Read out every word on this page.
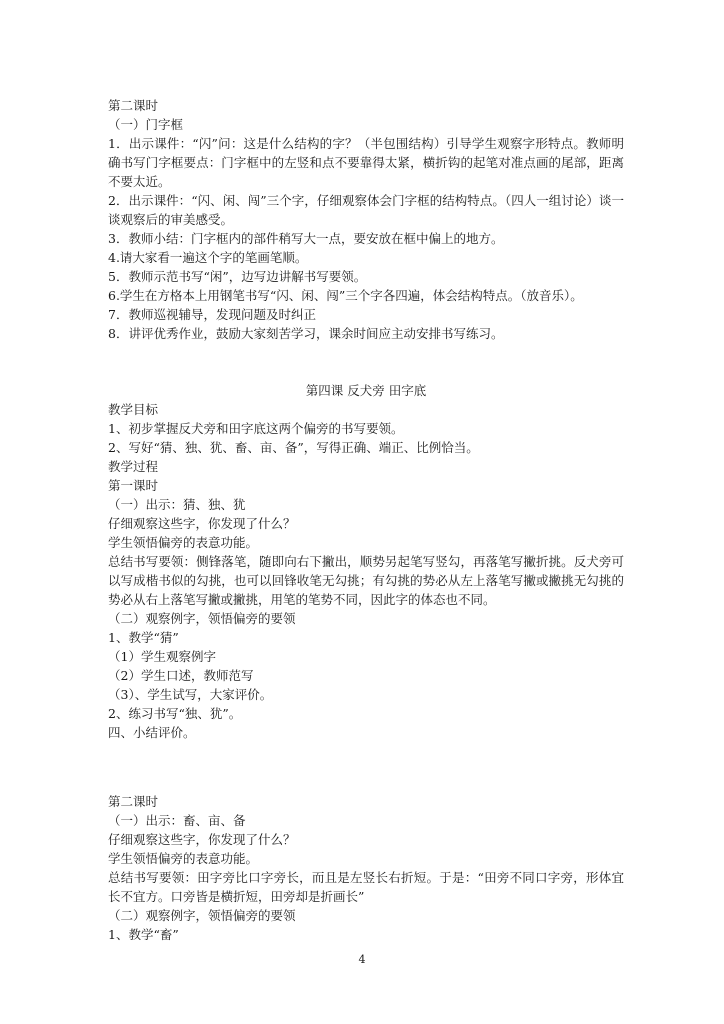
第二课时
（一）门字框
1．出示课件：“闪”问：这是什么结构的字？（半包围结构）引导学生观察字形特点。教师明确书写门字框要点：门字框中的左竖和点不要靠得太紧，横折钩的起笔对准点画的尾部，距离不要太近。
2．出示课件：“闪、闲、闯”三个字，仔细观察体会门字框的结构特点。（四人一组讨论）谈一谈观察后的审美感受。
3．教师小结：门字框内的部件稍写大一点，要安放在框中偏上的地方。
4.请大家看一遍这个字的笔画笔顺。
5．教师示范书写“闲”，边写边讲解书写要领。
6.学生在方格本上用钢笔书写“闪、闲、闯”三个字各四遍，体会结构特点。（放音乐）。
7．教师巡视辅导，发现问题及时纠正
8．讲评优秀作业，鼓励大家刻苦学习，课余时间应主动安排书写练习。
第四课 反犬旁 田字底
教学目标
1、初步掌握反犬旁和田字底这两个偏旁的书写要领。
2、写好“猜、独、犹、畜、亩、备”，写得正确、端正、比例恰当。
教学过程
第一课时
（一）出示：猜、独、犹
仔细观察这些字，你发现了什么？
学生领悟偏旁的表意功能。
总结书写要领：侧锋落笔，随即向右下撇出，顺势另起笔写竖勾，再落笔写撇折挑。反犬旁可以写成楷书似的勾挑，也可以回锋收笔无勾挑；有勾挑的势必从左上落笔写撇或撇挑无勾挑的势必从右上落笔写撇或撇挑，用笔的笔势不同，因此字的体态也不同。
（二）观察例字，领悟偏旁的要领
1、教学“猜”
（1）学生观察例字
（2）学生口述，教师范写
（3）、学生试写，大家评价。
2、练习书写“独、犹”。
四、小结评价。
第二课时
（一）出示：畜、亩、备
仔细观察这些字，你发现了什么？
学生领悟偏旁的表意功能。
总结书写要领：田字旁比口字旁长，而且是左竖长右折短。于是：“田旁不同口字旁，形体宜长不宜方。口旁皆是横折短，田旁却是折画长”
（二）观察例字，领悟偏旁的要领
1、教学“畜”
4
